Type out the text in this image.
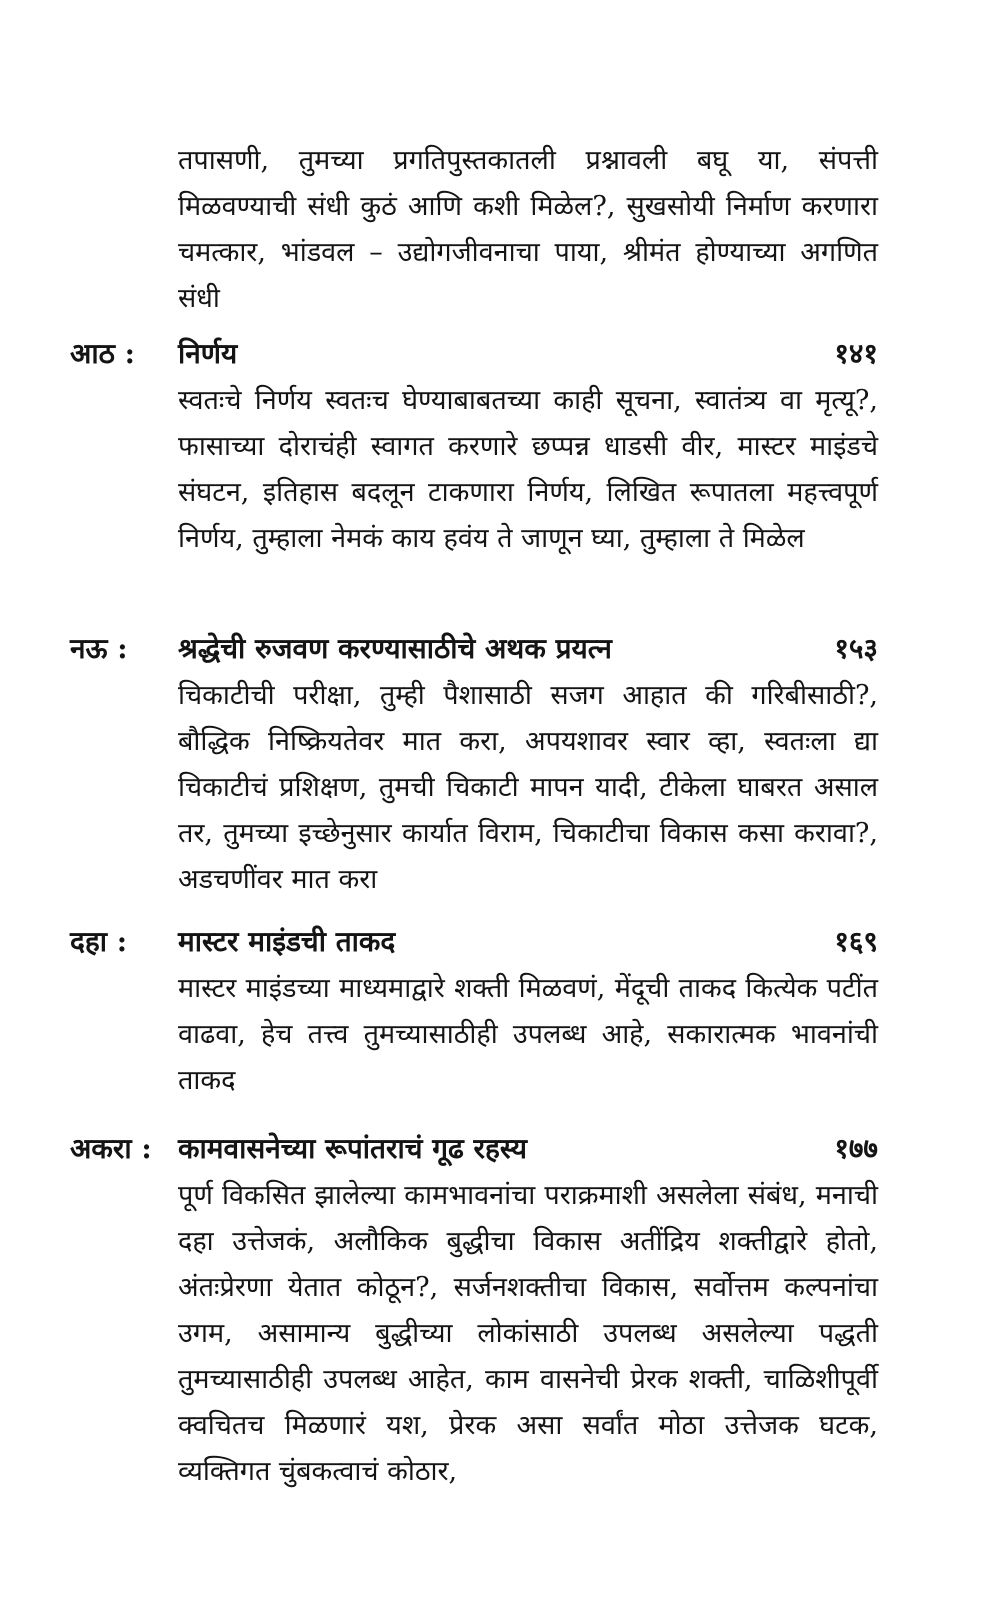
तपासणी, तुमच्या प्रगतिपुस्तकातली प्रश्नावली बघू या, संपत्ती मिळवण्याची संधी कुठं आणि कशी मिळेल?, सुखसोयी निर्माण करणारा चमत्कार, भांडवल – उद्योगजीवनाचा पाया, श्रीमंत होण्याच्या अगणित संधी
आठ : निर्णय	१४१
स्वतःचे निर्णय स्वतःच घेण्याबाबतच्या काही सूचना, स्वातंत्र्य वा मृत्यू?, फासाच्या दोराचंही स्वागत करणारे छप्पन्न धाडसी वीर, मास्टर माइंडचे संघटन, इतिहास बदलून टाकणारा निर्णय, लिखित रूपातला महत्त्वपूर्ण निर्णय, तुम्हाला नेमकं काय हवंय ते जाणून घ्या, तुम्हाला ते मिळेल
नऊ : श्रद्धेची रुजवण करण्यासाठीचे अथक प्रयत्न	१५३
चिकाटीची परीक्षा, तुम्ही पैशासाठी सजग आहात की गरिबीसाठी?, बौद्धिक निष्क्रियतेवर मात करा, अपयशावर स्वार व्हा, स्वतःला द्या चिकाटीचं प्रशिक्षण, तुमची चिकाटी मापन यादी, टीकेला घाबरत असाल तर, तुमच्या इच्छेनुसार कार्यात विराम, चिकाटीचा विकास कसा करावा?, अडचणींवर मात करा
दहा : मास्टर माइंडची ताकद	१६९
मास्टर माइंडच्या माध्यमाद्वारे शक्ती मिळवणं, मेंदूची ताकद कित्येक पटींत वाढवा, हेच तत्त्व तुमच्यासाठीही उपलब्ध आहे, सकारात्मक भावनांची ताकद
अकरा : कामवासनेच्या रूपांतराचं गूढ रहस्य	१७७
पूर्ण विकसित झालेल्या कामभावनांचा पराक्रमाशी असलेला संबंध, मनाची दहा उत्तेजकं, अलौकिक बुद्धीचा विकास अतींद्रिय शक्तीद्वारे होतो, अंतःप्रेरणा येतात कोठून?, सर्जनशक्तीचा विकास, सर्वोत्तम कल्पनांचा उगम, असामान्य बुद्धीच्या लोकांसाठी उपलब्ध असलेल्या पद्धती तुमच्यासाठीही उपलब्ध आहेत, काम वासनेची प्रेरक शक्ती, चाळिशीपूर्वी क्वचितच मिळणारं यश, प्रेरक असा सर्वांत मोठा उत्तेजक घटक, व्यक्तिगत चुंबकत्वाचं कोठार,
